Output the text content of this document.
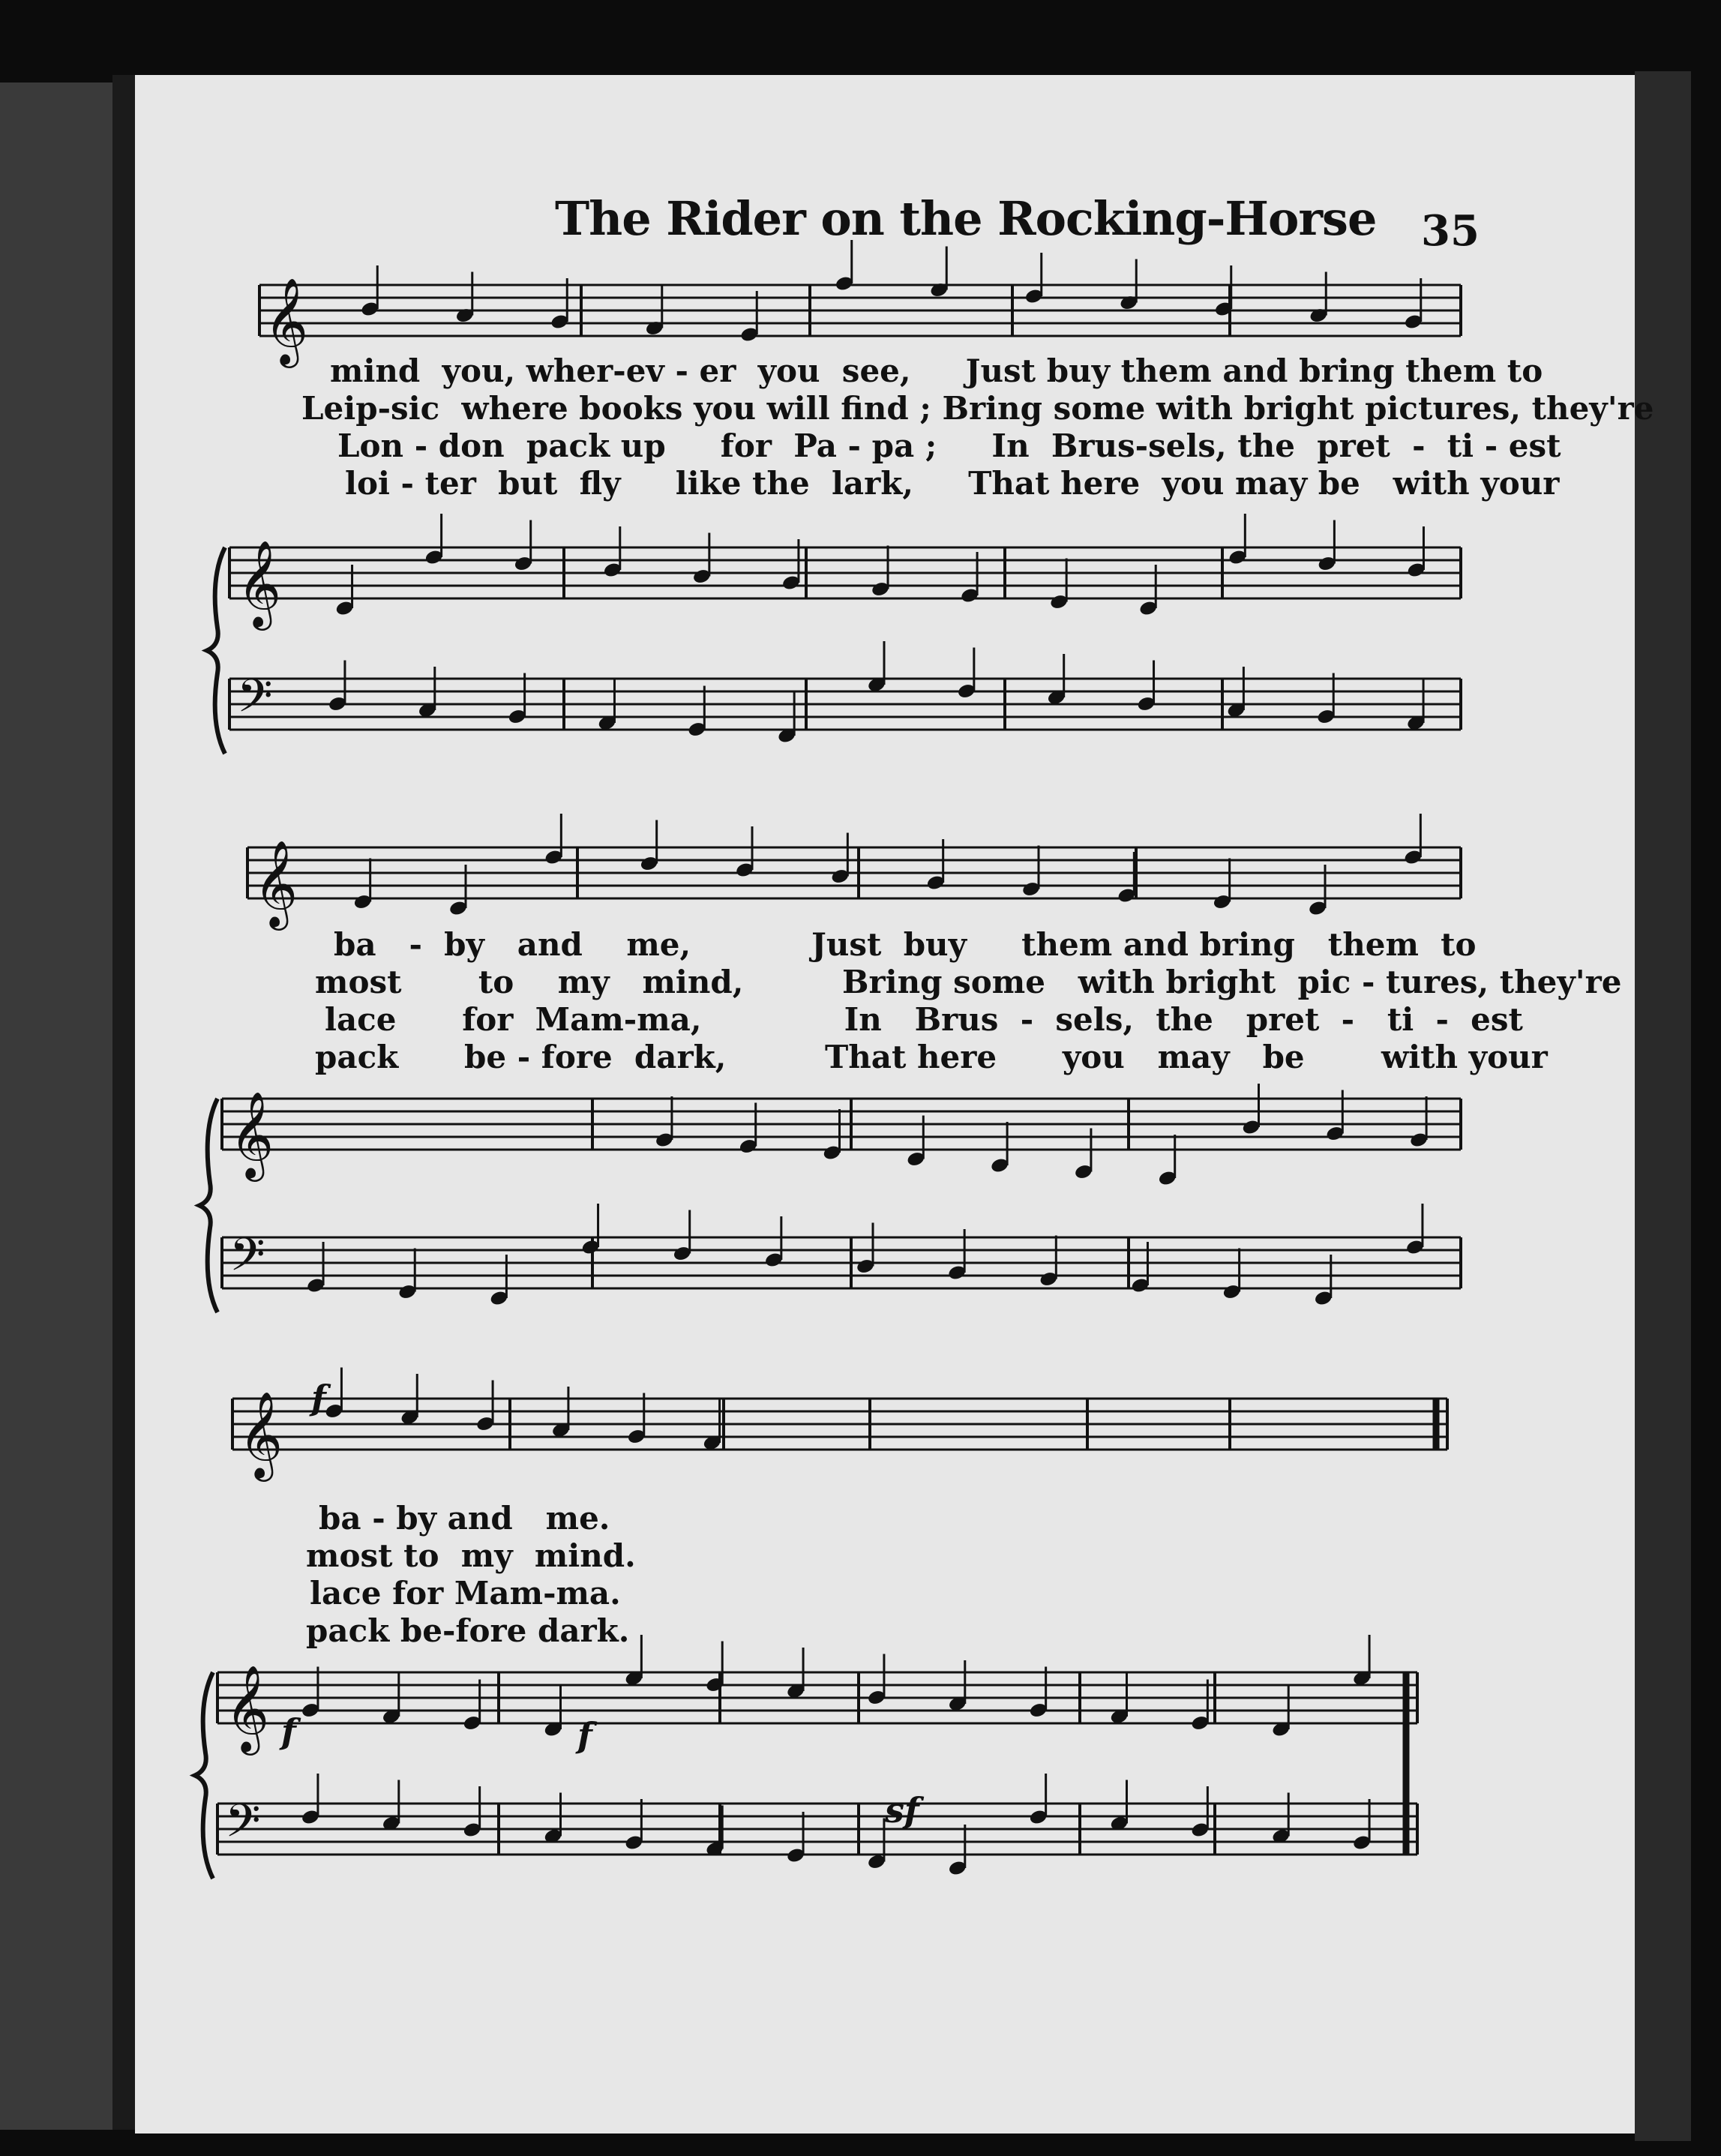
𝄞
𝄞
𝄢
𝄞
𝄞
𝄢
𝄞
𝄞
𝄢
f
f	f
sf
The Rider on the Rocking-Horse 35
mind  you, wher-ev - er  you  see,     Just buy them and bring them to
Leip-sic  where books you will find ; Bring some with bright pictures, they're
Lon - don  pack up     for  Pa - pa ;     In  Brus-sels, the  pret  -  ti - est
loi - ter  but  fly     like the  lark,     That here  you may be   with your
ba   -  by   and    me,           Just  buy     them and bring   them  to
most       to    my   mind,         Bring some   with bright  pic - tures, they're
lace      for  Mam-ma,             In   Brus  -  sels,  the   pret  -   ti  -  est
pack      be - fore  dark,         That here      you   may   be       with your
ba - by and   me.
most to  my  mind.
lace for Mam-ma.
pack be-fore dark.
